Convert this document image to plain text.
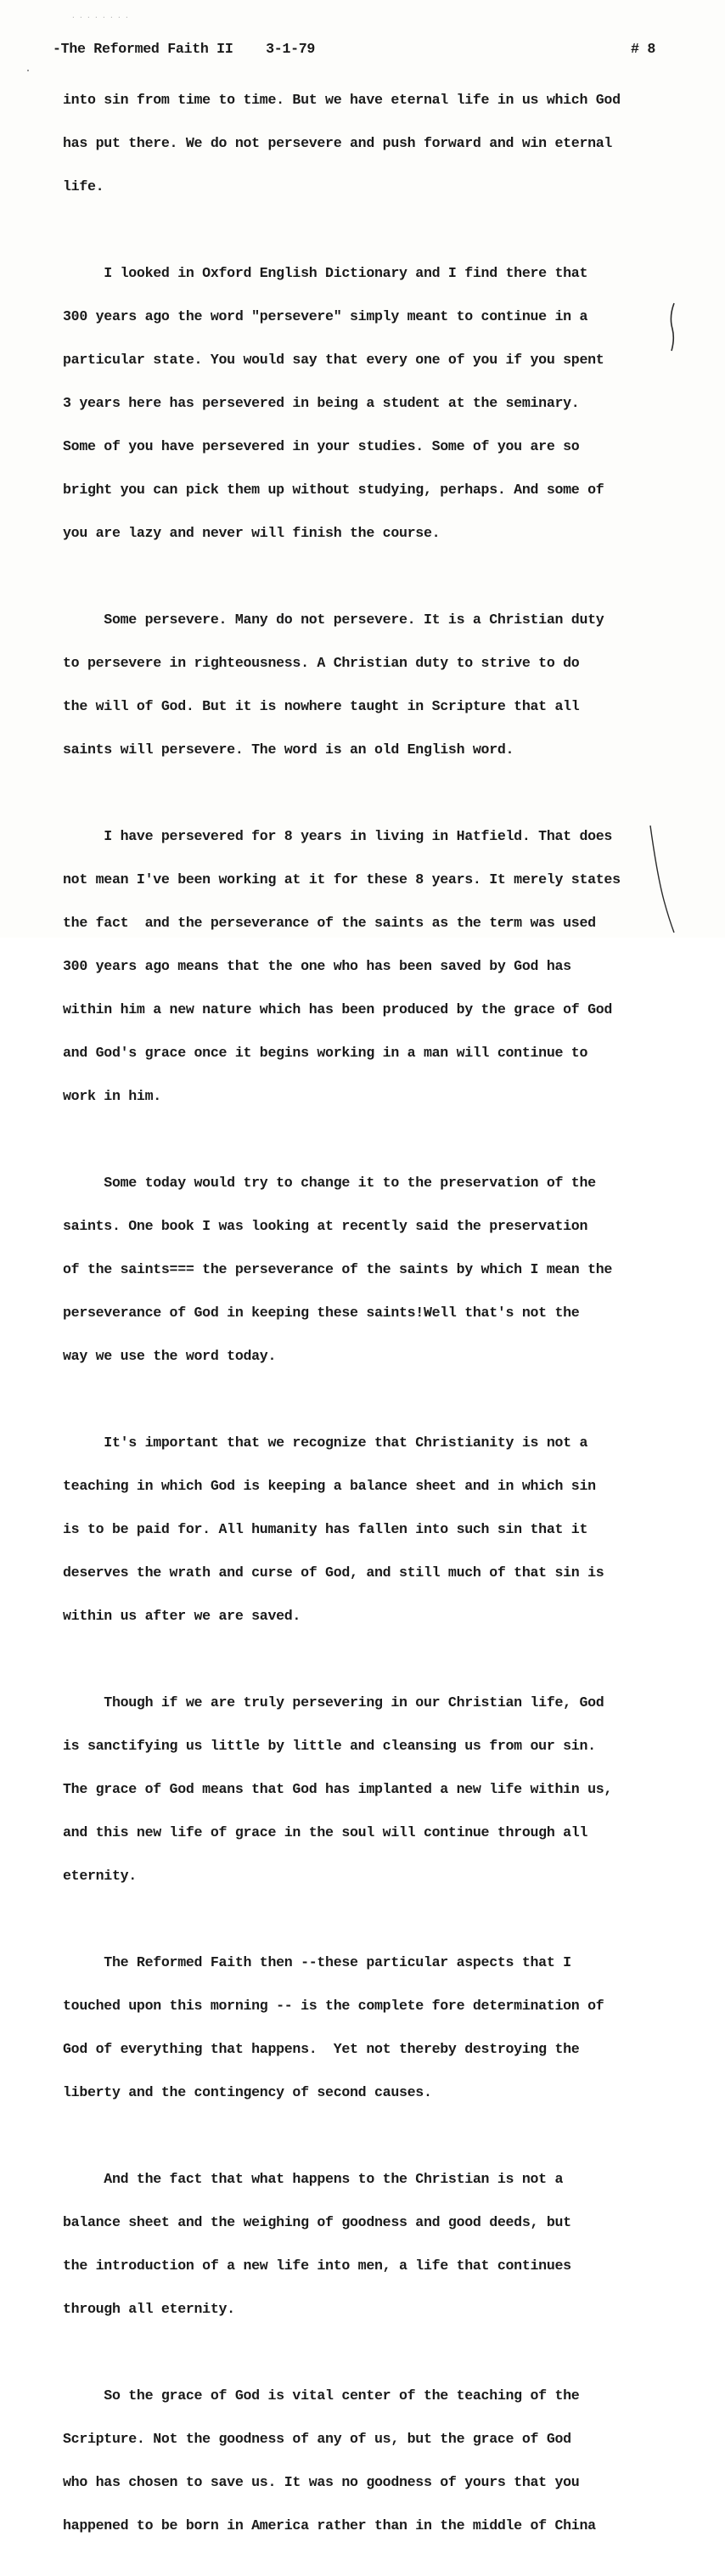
. . . . . . . .
-The Reformed Faith II 3-1-79	# 8

into sin from time to time. But we have eternal life in us which God

has put there. We do not persevere and push forward and win eternal

life.

I looked in Oxford English Dictionary and I find there that

300 years ago the word "persevere" simply meant to continue in a

particular state. You would say that every one of you if you spent

3 years here has persevered in being a student at the seminary.

Some of you have persevered in your studies. Some of you are so

bright you can pick them up without studying, perhaps. And some of

you are lazy and never will finish the course.

Some persevere. Many do not persevere. It is a Christian duty

to persevere in righteousness. A Christian duty to strive to do

the will of God. But it is nowhere taught in Scripture that all

saints will persevere. The word is an old English word.

I have persevered for 8 years in living in Hatfield. That does

not mean I've been working at it for these 8 years. It merely states

the fact  and the perseverance of the saints as the term was used

300 years ago means that the one who has been saved by God has

within him a new nature which has been produced by the grace of God

and God's grace once it begins working in a man will continue to

work in him.

Some today would try to change it to the preservation of the

saints. One book I was looking at recently said the preservation

of the saints=== the perseverance of the saints by which I mean the

perseverance of God in keeping these saints!Well that's not the

way we use the word today.

It's important that we recognize that Christianity is not a

teaching in which God is keeping a balance sheet and in which sin

is to be paid for. All humanity has fallen into such sin that it

deserves the wrath and curse of God, and still much of that sin is

within us after we are saved.

Though if we are truly persevering in our Christian life, God

is sanctifying us little by little and cleansing us from our sin.

The grace of God means that God has implanted a new life within us,

and this new life of grace in the soul will continue through all

eternity.

The Reformed Faith then --these particular aspects that I

touched upon this morning -- is the complete fore determination of

God of everything that happens.  Yet not thereby destroying the

liberty and the contingency of second causes.

And the fact that what happens to the Christian is not a

balance sheet and the weighing of goodness and good deeds, but

the introduction of a new life into men, a life that continues

through all eternity.

So the grace of God is vital center of the teaching of the

Scripture. Not the goodness of any of us, but the grace of God

who has chosen to save us. It was no goodness of yours that you

happened to be born in America rather than in the middle of China
